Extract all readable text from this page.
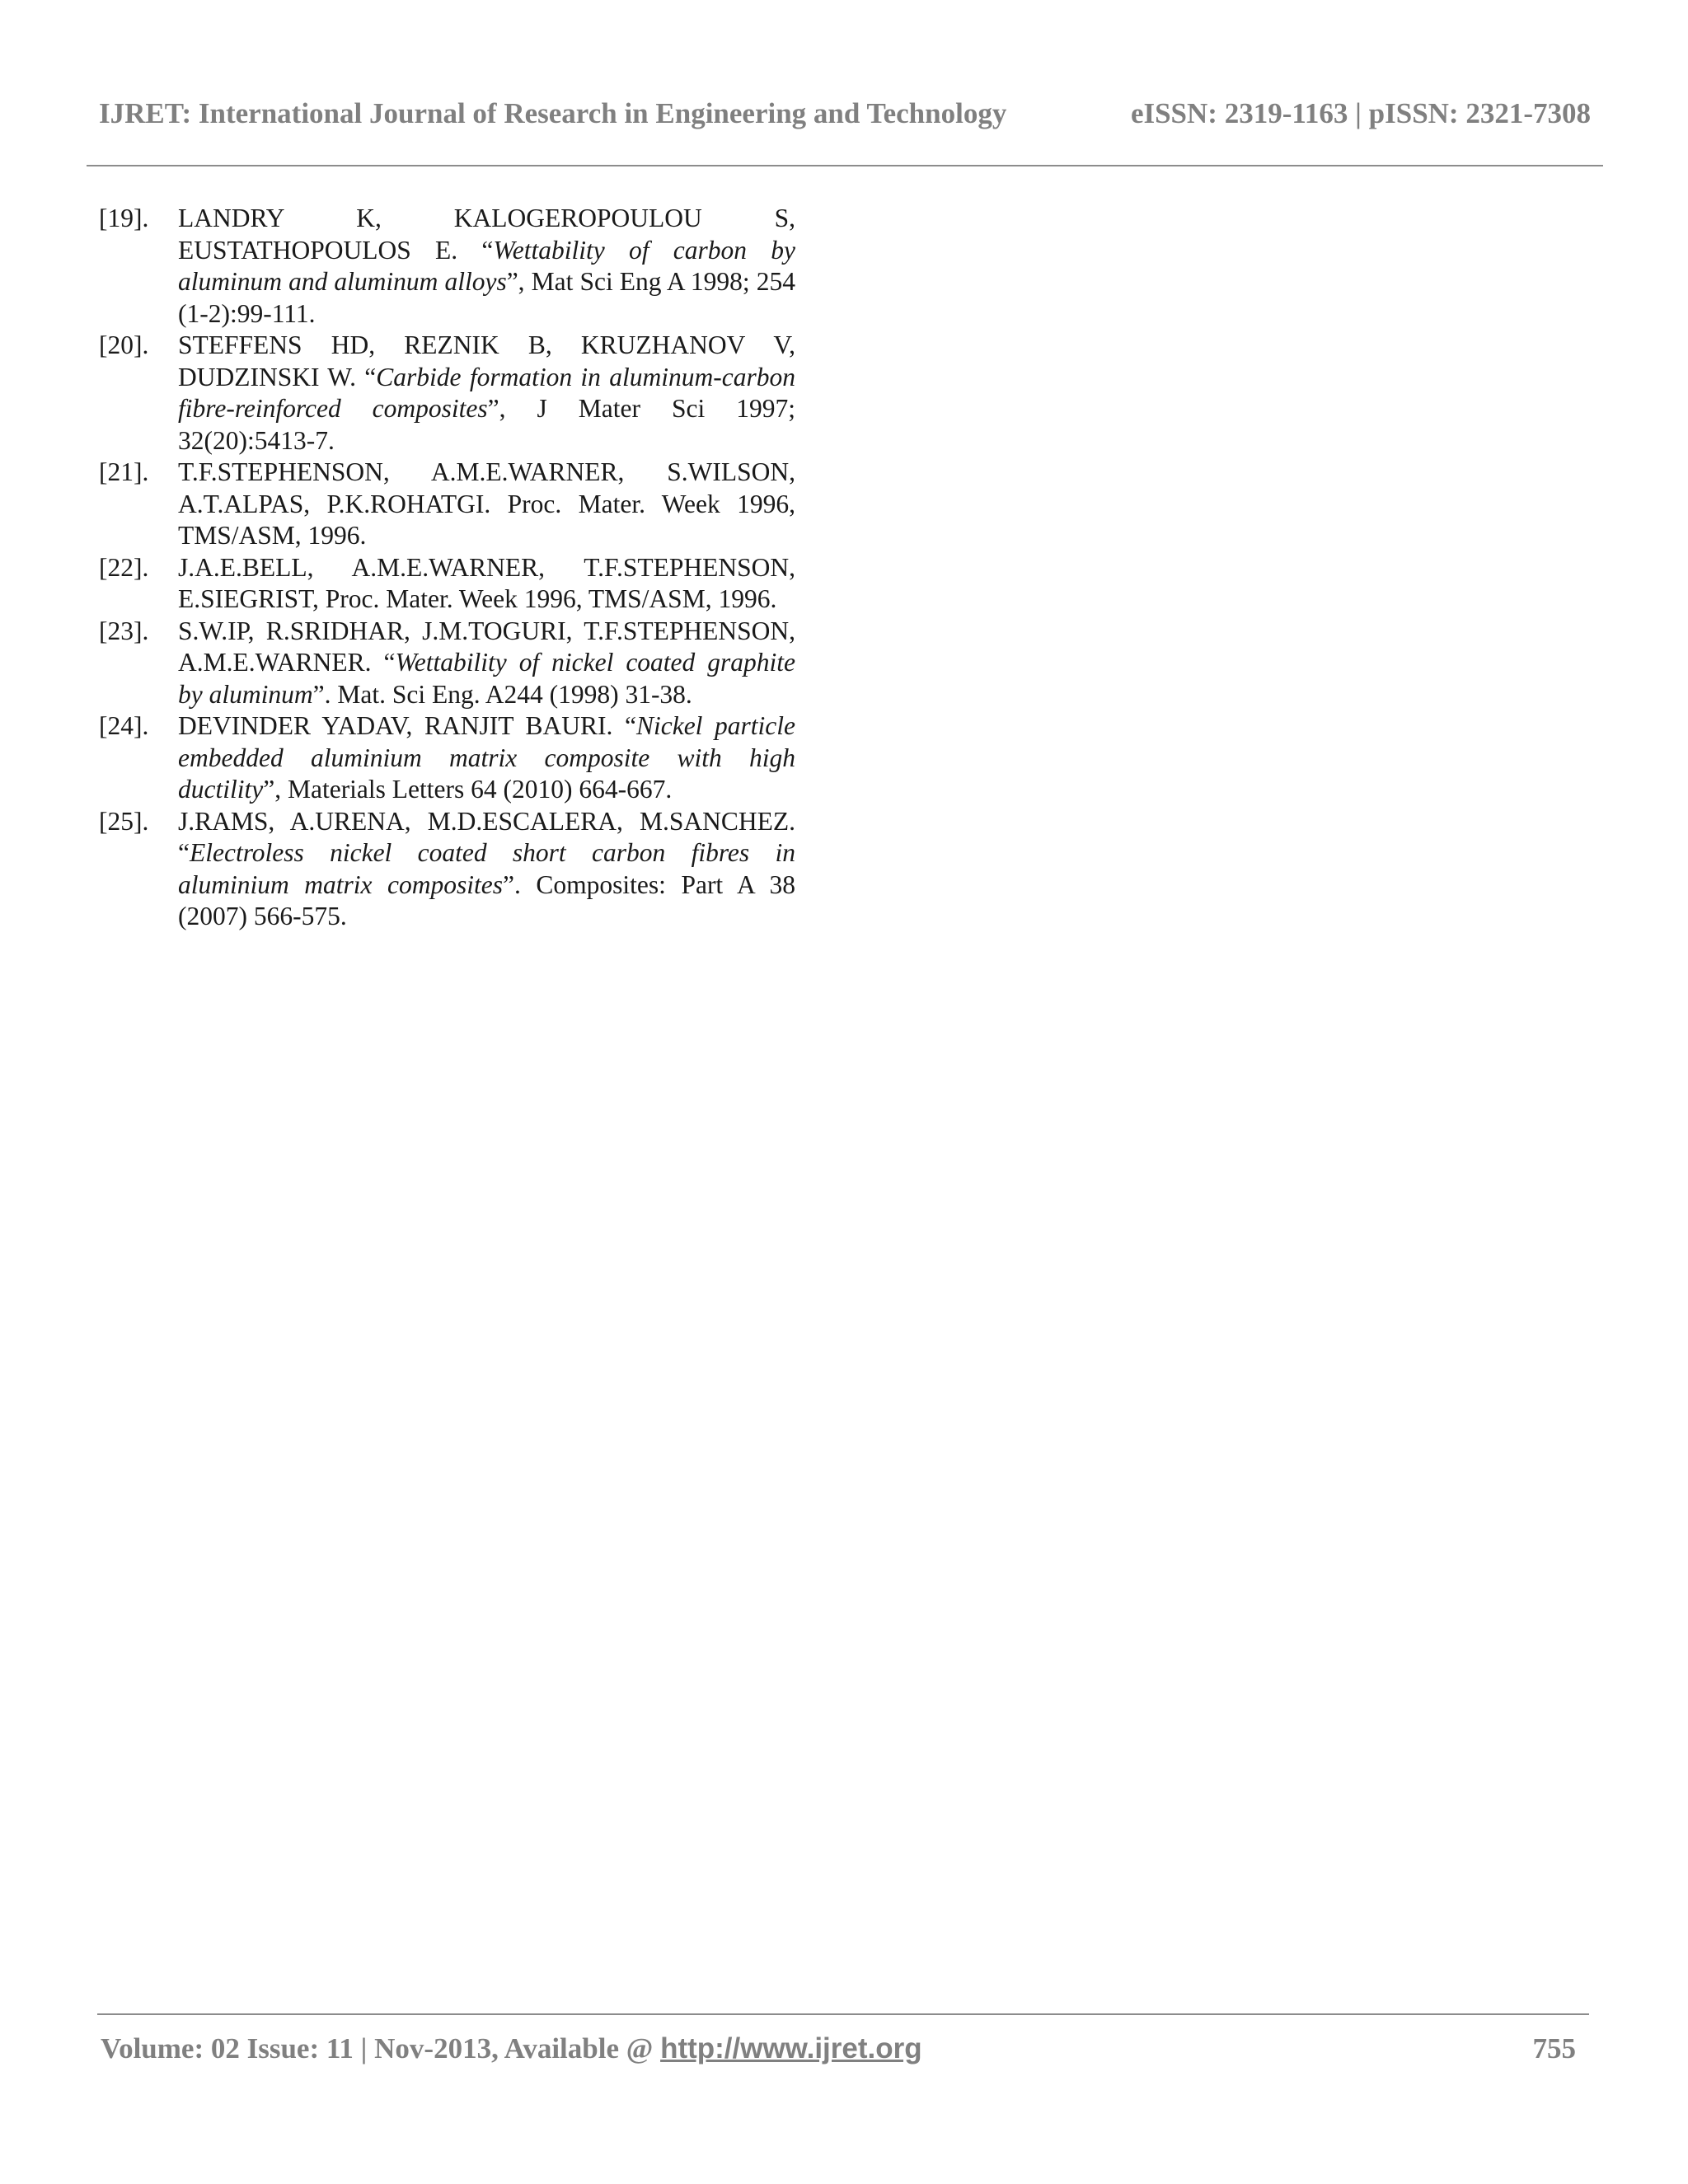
IJRET: International Journal of Research in Engineering and Technology	eISSN: 2319-1163 | pISSN: 2321-7308
[19].	LANDRY K, KALOGEROPOULOU S, EUSTATHOPOULOS E. “Wettability of carbon by aluminum and aluminum alloys”, Mat Sci Eng A 1998; 254 (1-2):99-111.
[20].	STEFFENS HD, REZNIK B, KRUZHANOV V, DUDZINSKI W. “Carbide formation in aluminum-carbon fibre-reinforced composites”, J Mater Sci 1997; 32(20):5413-7.
[21].	T.F.STEPHENSON, A.M.E.WARNER, S.WILSON, A.T.ALPAS, P.K.ROHATGI. Proc. Mater. Week 1996, TMS/ASM, 1996.
[22].	J.A.E.BELL, A.M.E.WARNER, T.F.STEPHENSON, E.SIEGRIST, Proc. Mater. Week 1996, TMS/ASM, 1996.
[23].	S.W.IP, R.SRIDHAR, J.M.TOGURI, T.F.STEPHENSON, A.M.E.WARNER. “Wettability of nickel coated graphite by aluminum”. Mat. Sci Eng. A244 (1998) 31-38.
[24].	DEVINDER YADAV, RANJIT BAURI. “Nickel particle embedded aluminium matrix composite with high ductility”, Materials Letters 64 (2010) 664-667.
[25].	J.RAMS, A.URENA, M.D.ESCALERA, M.SANCHEZ. “Electroless nickel coated short carbon fibres in aluminium matrix composites”. Composites: Part A 38 (2007) 566-575.
Volume: 02 Issue: 11 | Nov-2013, Available @ http://www.ijret.org	755
